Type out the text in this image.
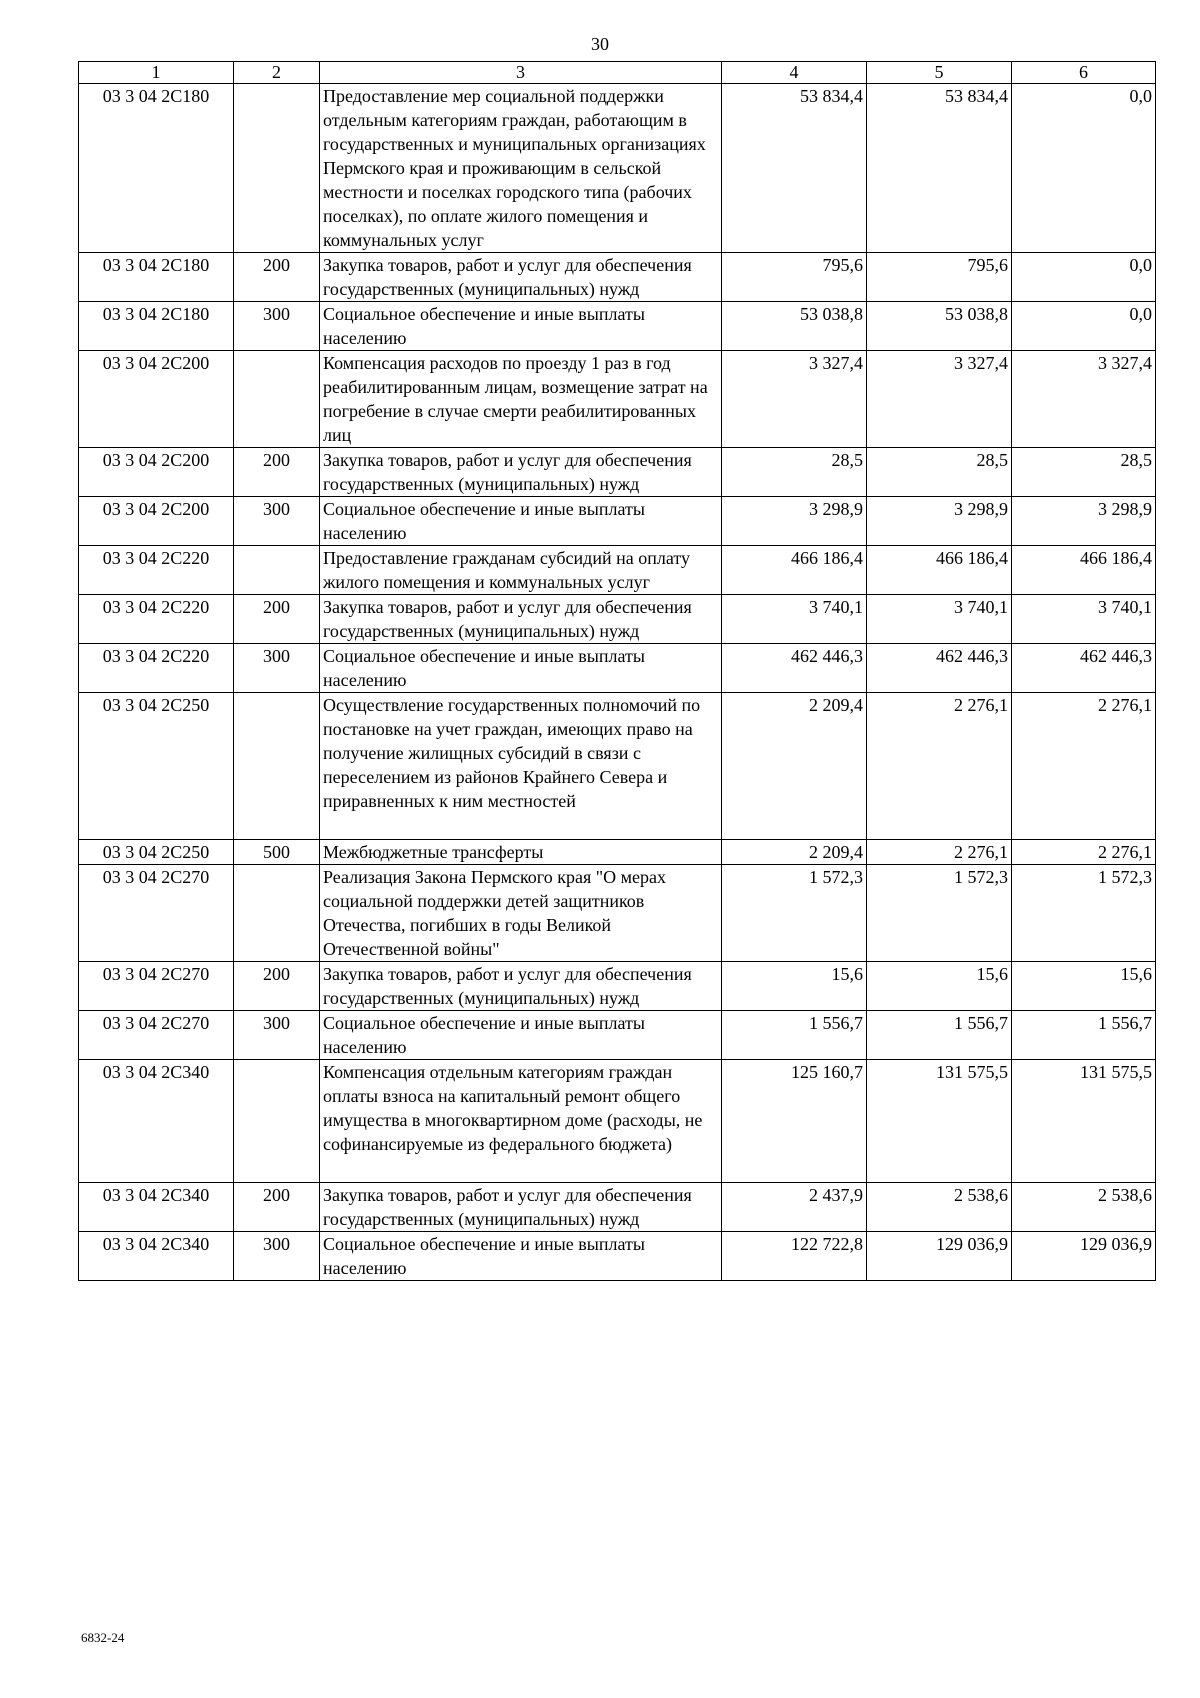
30
1	2	3	4	5	6
03 3 04 2С180		Предоставление мер социальной поддержки отдельным категориям граждан, работающим в государственных и муниципальных организациях Пермского края и проживающим в сельской местности и поселках городского типа (рабочих поселках), по оплате жилого помещения и коммунальных услуг	53 834,4	53 834,4	0,0
03 3 04 2С180	200	Закупка товаров, работ и услуг для обеспечения государственных (муниципальных) нужд	795,6	795,6	0,0
03 3 04 2С180	300	Социальное обеспечение и иные выплаты населению	53 038,8	53 038,8	0,0
03 3 04 2С200		Компенсация расходов по проезду 1 раз в год реабилитированным лицам, возмещение затрат на погребение в случае смерти реабилитированных лиц	3 327,4	3 327,4	3 327,4
03 3 04 2С200	200	Закупка товаров, работ и услуг для обеспечения государственных (муниципальных) нужд	28,5	28,5	28,5
03 3 04 2С200	300	Социальное обеспечение и иные выплаты населению	3 298,9	3 298,9	3 298,9
03 3 04 2С220		Предоставление гражданам субсидий на оплату жилого помещения и коммунальных услуг	466 186,4	466 186,4	466 186,4
03 3 04 2С220	200	Закупка товаров, работ и услуг для обеспечения государственных (муниципальных) нужд	3 740,1	3 740,1	3 740,1
03 3 04 2С220	300	Социальное обеспечение и иные выплаты населению	462 446,3	462 446,3	462 446,3
03 3 04 2С250		Осуществление государственных полномочий по постановке на учет граждан, имеющих право на получение жилищных субсидий в связи с переселением из районов Крайнего Севера и приравненных к ним местностей	2 209,4	2 276,1	2 276,1
03 3 04 2С250	500	Межбюджетные трансферты	2 209,4	2 276,1	2 276,1
03 3 04 2С270		Реализация Закона Пермского края "О мерах социальной поддержки детей защитников Отечества, погибших в годы Великой Отечественной войны"	1 572,3	1 572,3	1 572,3
03 3 04 2С270	200	Закупка товаров, работ и услуг для обеспечения государственных (муниципальных) нужд	15,6	15,6	15,6
03 3 04 2С270	300	Социальное обеспечение и иные выплаты населению	1 556,7	1 556,7	1 556,7
03 3 04 2С340		Компенсация отдельным категориям граждан оплаты взноса на капитальный ремонт общего имущества в многоквартирном доме (расходы, не софинансируемые из федерального бюджета)	125 160,7	131 575,5	131 575,5
03 3 04 2С340	200	Закупка товаров, работ и услуг для обеспечения государственных (муниципальных) нужд	2 437,9	2 538,6	2 538,6
03 3 04 2С340	300	Социальное обеспечение и иные выплаты населению	122 722,8	129 036,9	129 036,9
6832-24
